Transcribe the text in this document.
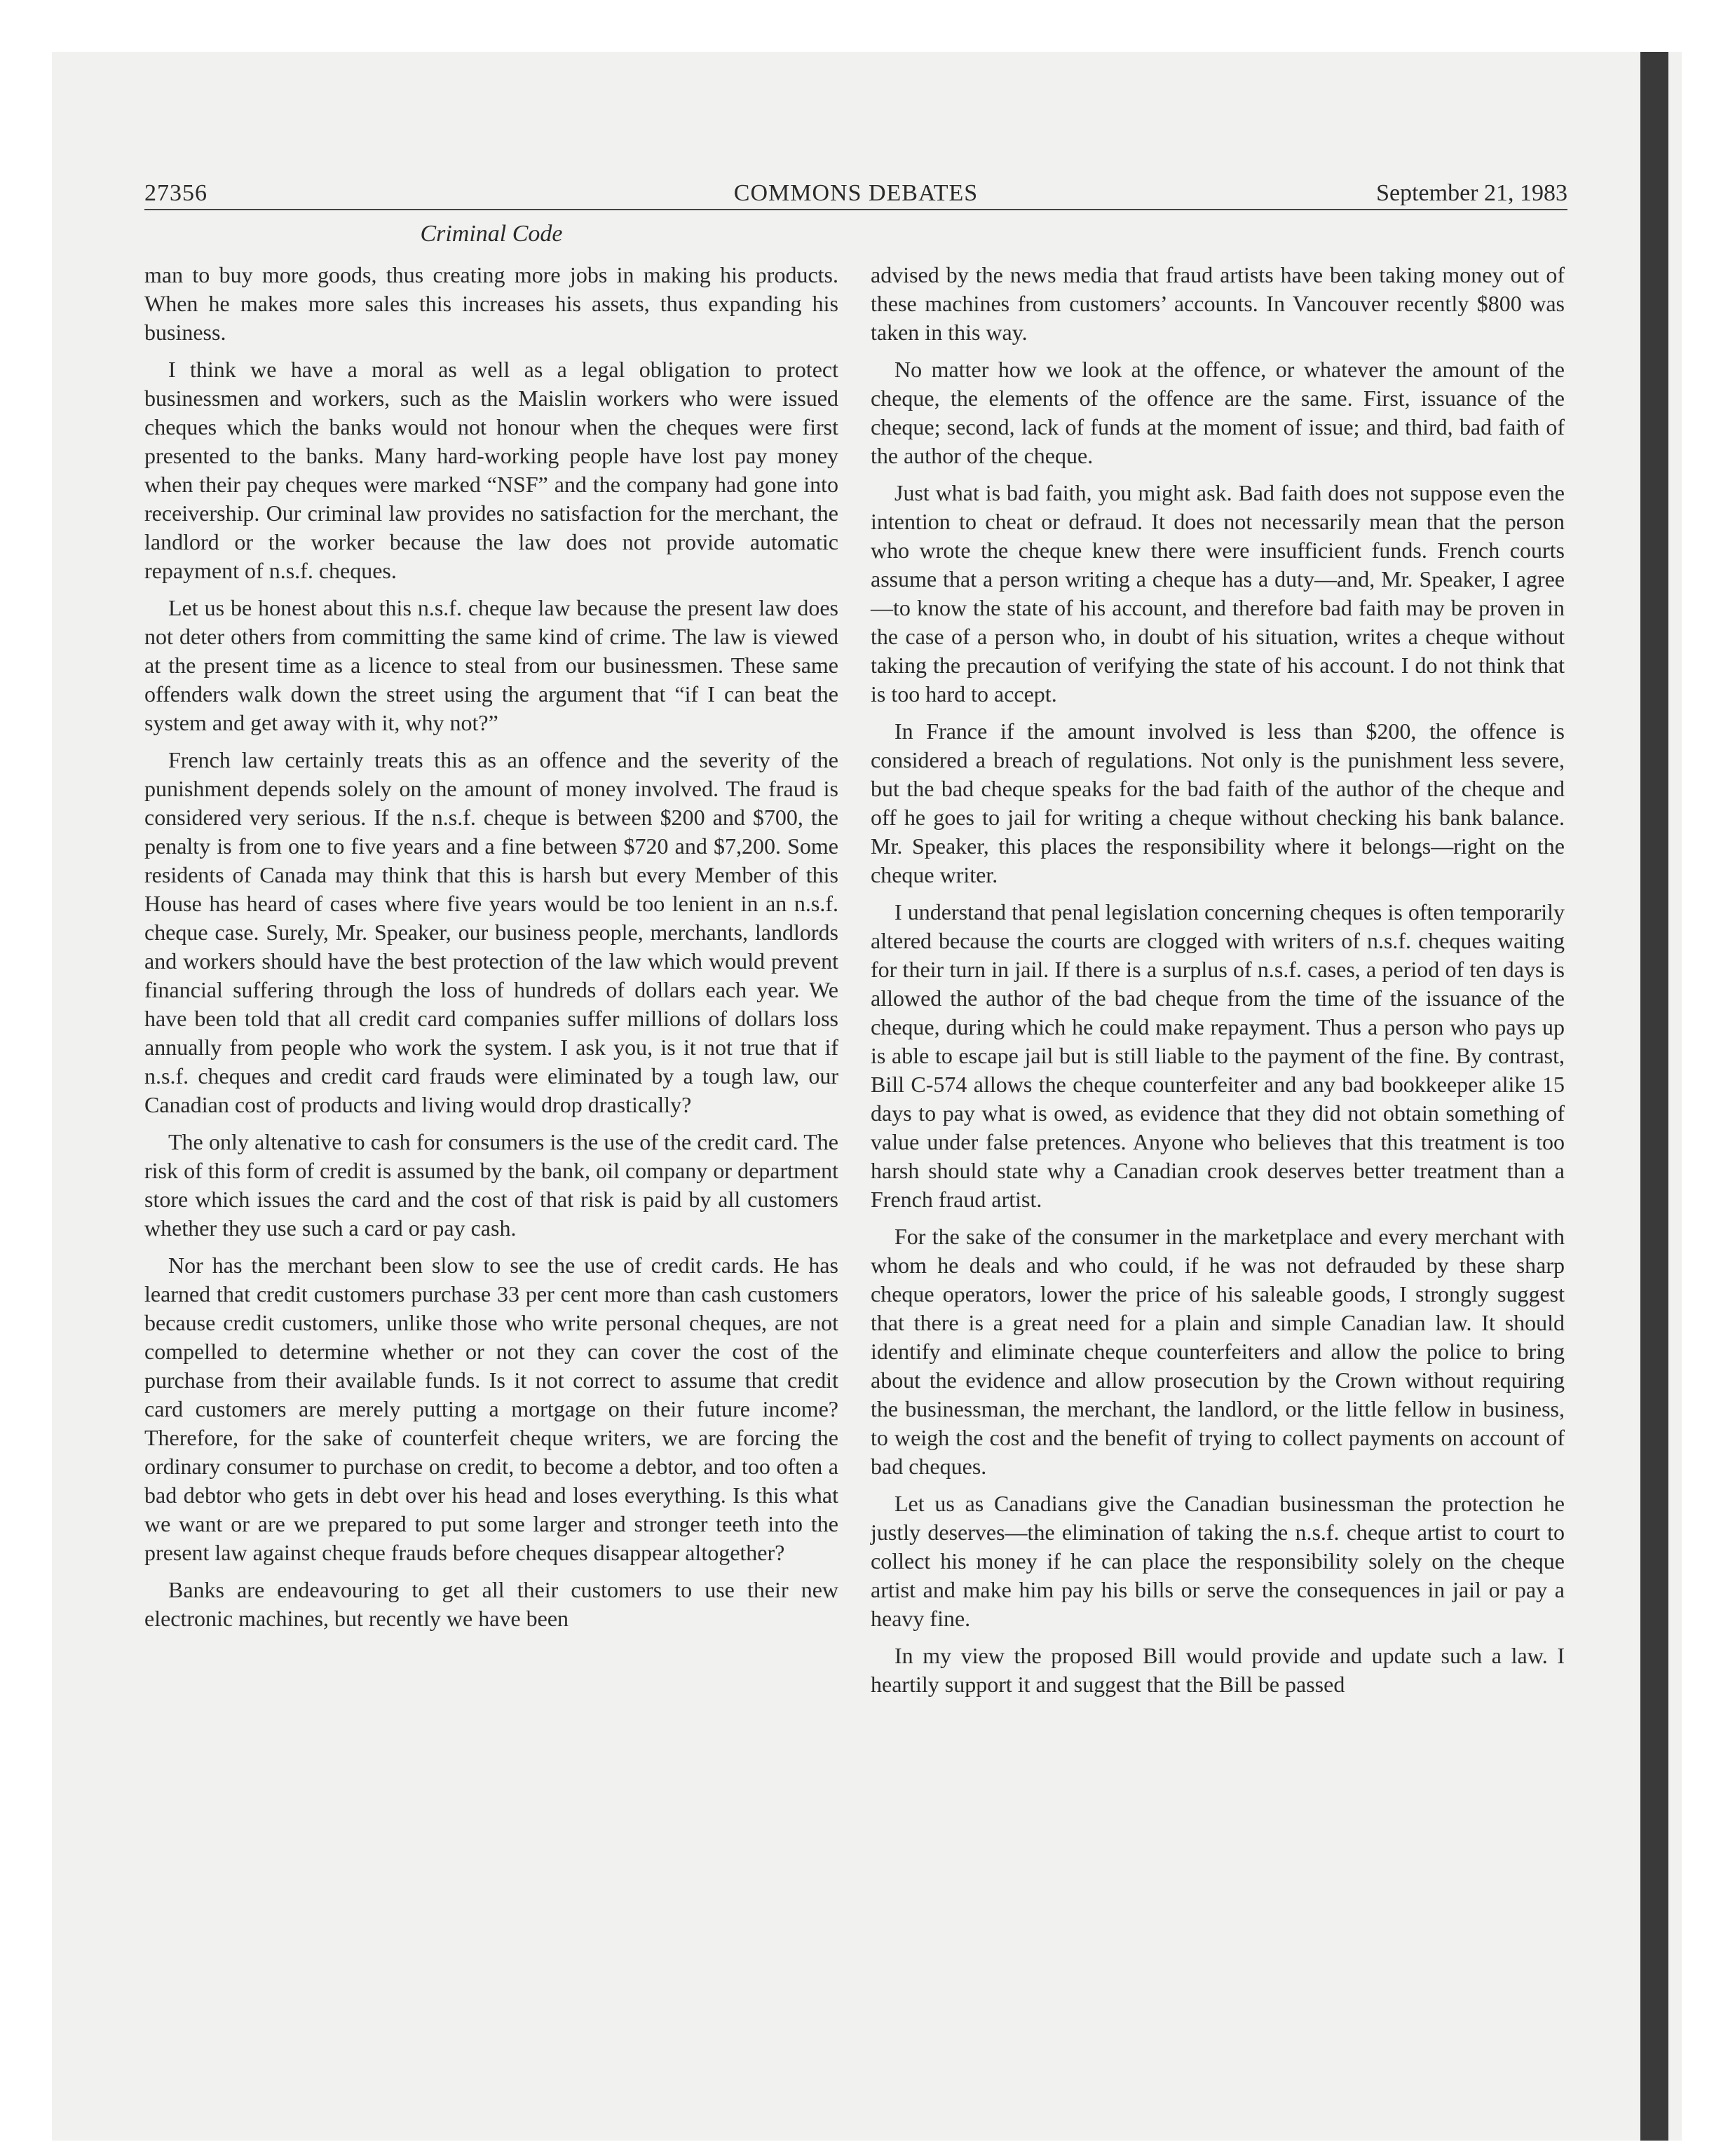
27356	COMMONS DEBATES	September 21, 1983
Criminal Code

man to buy more goods, thus creating more jobs in making his products. When he makes more sales this increases his assets, thus expanding his business.

I think we have a moral as well as a legal obligation to protect businessmen and workers, such as the Maislin workers who were issued cheques which the banks would not honour when the cheques were first presented to the banks. Many hard-working people have lost pay money when their pay cheques were marked “NSF” and the company had gone into receivership. Our criminal law provides no satisfaction for the merchant, the landlord or the worker because the law does not provide automatic repayment of n.s.f. cheques.

Let us be honest about this n.s.f. cheque law because the present law does not deter others from committing the same kind of crime. The law is viewed at the present time as a licence to steal from our businessmen. These same offenders walk down the street using the argument that “if I can beat the system and get away with it, why not?”

French law certainly treats this as an offence and the severity of the punishment depends solely on the amount of money involved. The fraud is considered very serious. If the n.s.f. cheque is between $200 and $700, the penalty is from one to five years and a fine between $720 and $7,200. Some residents of Canada may think that this is harsh but every Member of this House has heard of cases where five years would be too lenient in an n.s.f. cheque case. Surely, Mr. Speaker, our business people, merchants, landlords and workers should have the best protection of the law which would prevent financial suffering through the loss of hundreds of dollars each year. We have been told that all credit card companies suffer millions of dollars loss annually from people who work the system. I ask you, is it not true that if n.s.f. cheques and credit card frauds were eliminated by a tough law, our Canadian cost of products and living would drop drastically?

The only altenative to cash for consumers is the use of the credit card. The risk of this form of credit is assumed by the bank, oil company or department store which issues the card and the cost of that risk is paid by all customers whether they use such a card or pay cash.

Nor has the merchant been slow to see the use of credit cards. He has learned that credit customers purchase 33 per cent more than cash customers because credit customers, unlike those who write personal cheques, are not compelled to determine whether or not they can cover the cost of the purchase from their available funds. Is it not correct to assume that credit card customers are merely putting a mortgage on their future income? Therefore, for the sake of counterfeit cheque writers, we are forcing the ordinary consumer to purchase on credit, to become a debtor, and too often a bad debtor who gets in debt over his head and loses everything. Is this what we want or are we prepared to put some larger and stronger teeth into the present law against cheque frauds before cheques disappear altogether?

Banks are endeavouring to get all their customers to use their new electronic machines, but recently we have been

advised by the news media that fraud artists have been taking money out of these machines from customers’ accounts. In Vancouver recently $800 was taken in this way.

No matter how we look at the offence, or whatever the amount of the cheque, the elements of the offence are the same. First, issuance of the cheque; second, lack of funds at the moment of issue; and third, bad faith of the author of the cheque.

Just what is bad faith, you might ask. Bad faith does not suppose even the intention to cheat or defraud. It does not necessarily mean that the person who wrote the cheque knew there were insufficient funds. French courts assume that a person writing a cheque has a duty—and, Mr. Speaker, I agree—to know the state of his account, and therefore bad faith may be proven in the case of a person who, in doubt of his situation, writes a cheque without taking the precaution of verifying the state of his account. I do not think that is too hard to accept.

In France if the amount involved is less than $200, the offence is considered a breach of regulations. Not only is the punishment less severe, but the bad cheque speaks for the bad faith of the author of the cheque and off he goes to jail for writing a cheque without checking his bank balance. Mr. Speaker, this places the responsibility where it belongs—right on the cheque writer.

I understand that penal legislation concerning cheques is often temporarily altered because the courts are clogged with writers of n.s.f. cheques waiting for their turn in jail. If there is a surplus of n.s.f. cases, a period of ten days is allowed the author of the bad cheque from the time of the issuance of the cheque, during which he could make repayment. Thus a person who pays up is able to escape jail but is still liable to the payment of the fine. By contrast, Bill C-574 allows the cheque counterfeiter and any bad bookkeeper alike 15 days to pay what is owed, as evidence that they did not obtain something of value under false pretences. Anyone who believes that this treatment is too harsh should state why a Canadian crook deserves better treatment than a French fraud artist.

For the sake of the consumer in the marketplace and every merchant with whom he deals and who could, if he was not defrauded by these sharp cheque operators, lower the price of his saleable goods, I strongly suggest that there is a great need for a plain and simple Canadian law. It should identify and eliminate cheque counterfeiters and allow the police to bring about the evidence and allow prosecution by the Crown without requiring the businessman, the merchant, the landlord, or the little fellow in business, to weigh the cost and the benefit of trying to collect payments on account of bad cheques.

Let us as Canadians give the Canadian businessman the protection he justly deserves—the elimination of taking the n.s.f. cheque artist to court to collect his money if he can place the responsibility solely on the cheque artist and make him pay his bills or serve the consequences in jail or pay a heavy fine.

In my view the proposed Bill would provide and update such a law. I heartily support it and suggest that the Bill be passed
